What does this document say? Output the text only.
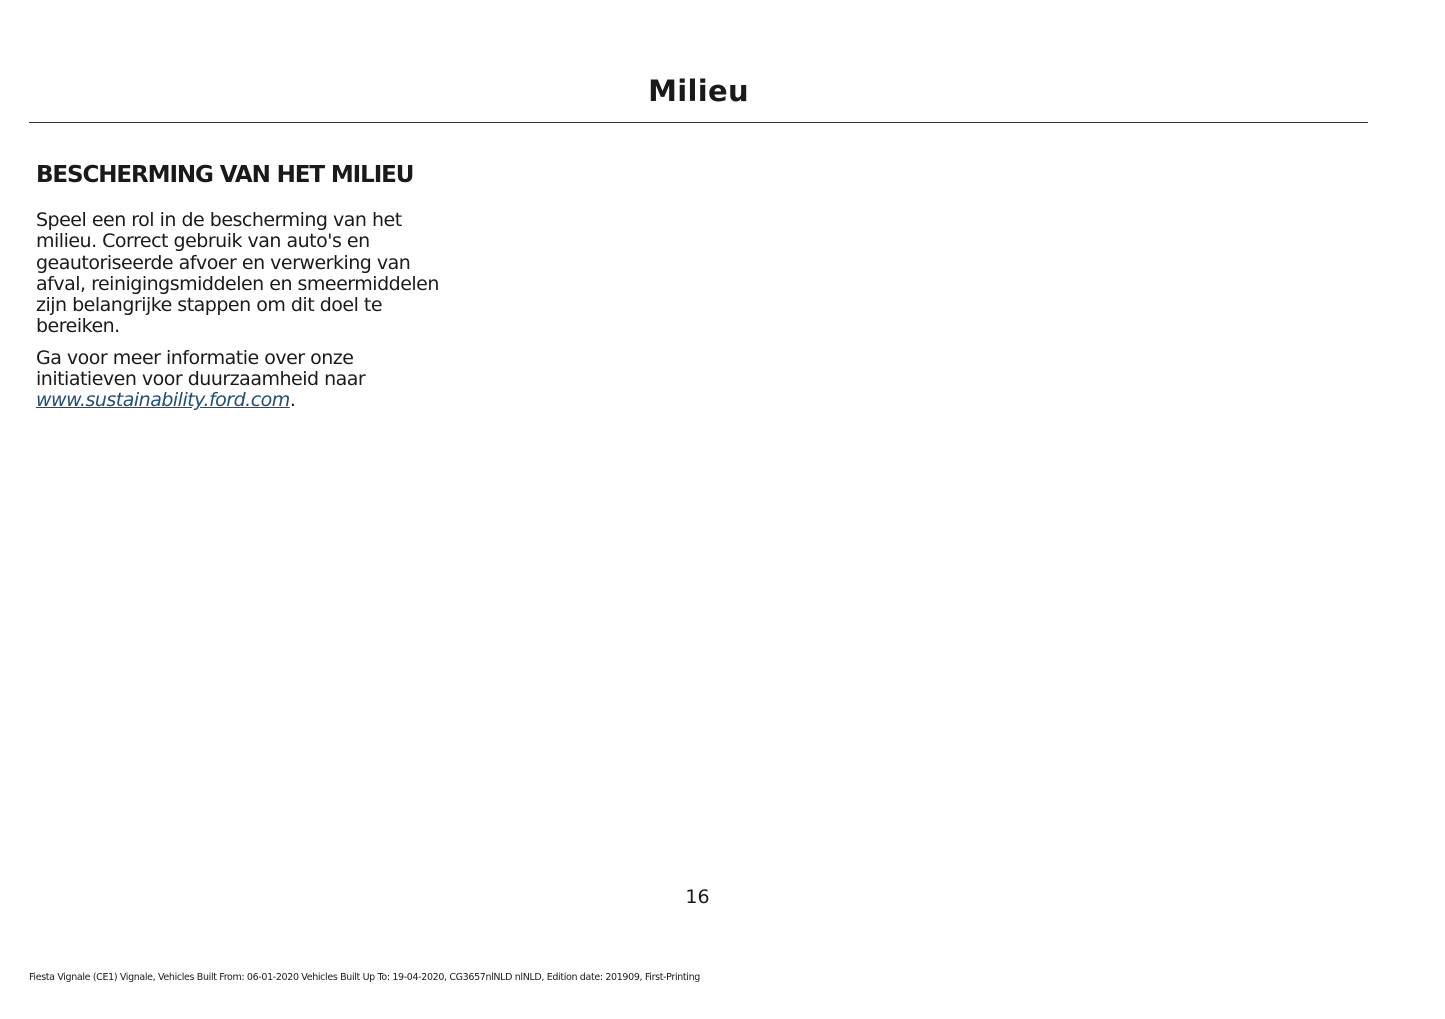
Milieu
BESCHERMING VAN HET MILIEU

Speel een rol in de bescherming van het
milieu. Correct gebruik van auto's en
geautoriseerde afvoer en verwerking van
afval, reinigingsmiddelen en smeermiddelen
zijn belangrijke stappen om dit doel te
bereiken.

Ga voor meer informatie over onze
initiatieven voor duurzaamheid naar
www.sustainability.ford.com.

16
Fiesta Vignale (CE1) Vignale, Vehicles Built From: 06-01-2020 Vehicles Built Up To: 19-04-2020, CG3657nlNLD nlNLD, Edition date: 201909, First-Printing
